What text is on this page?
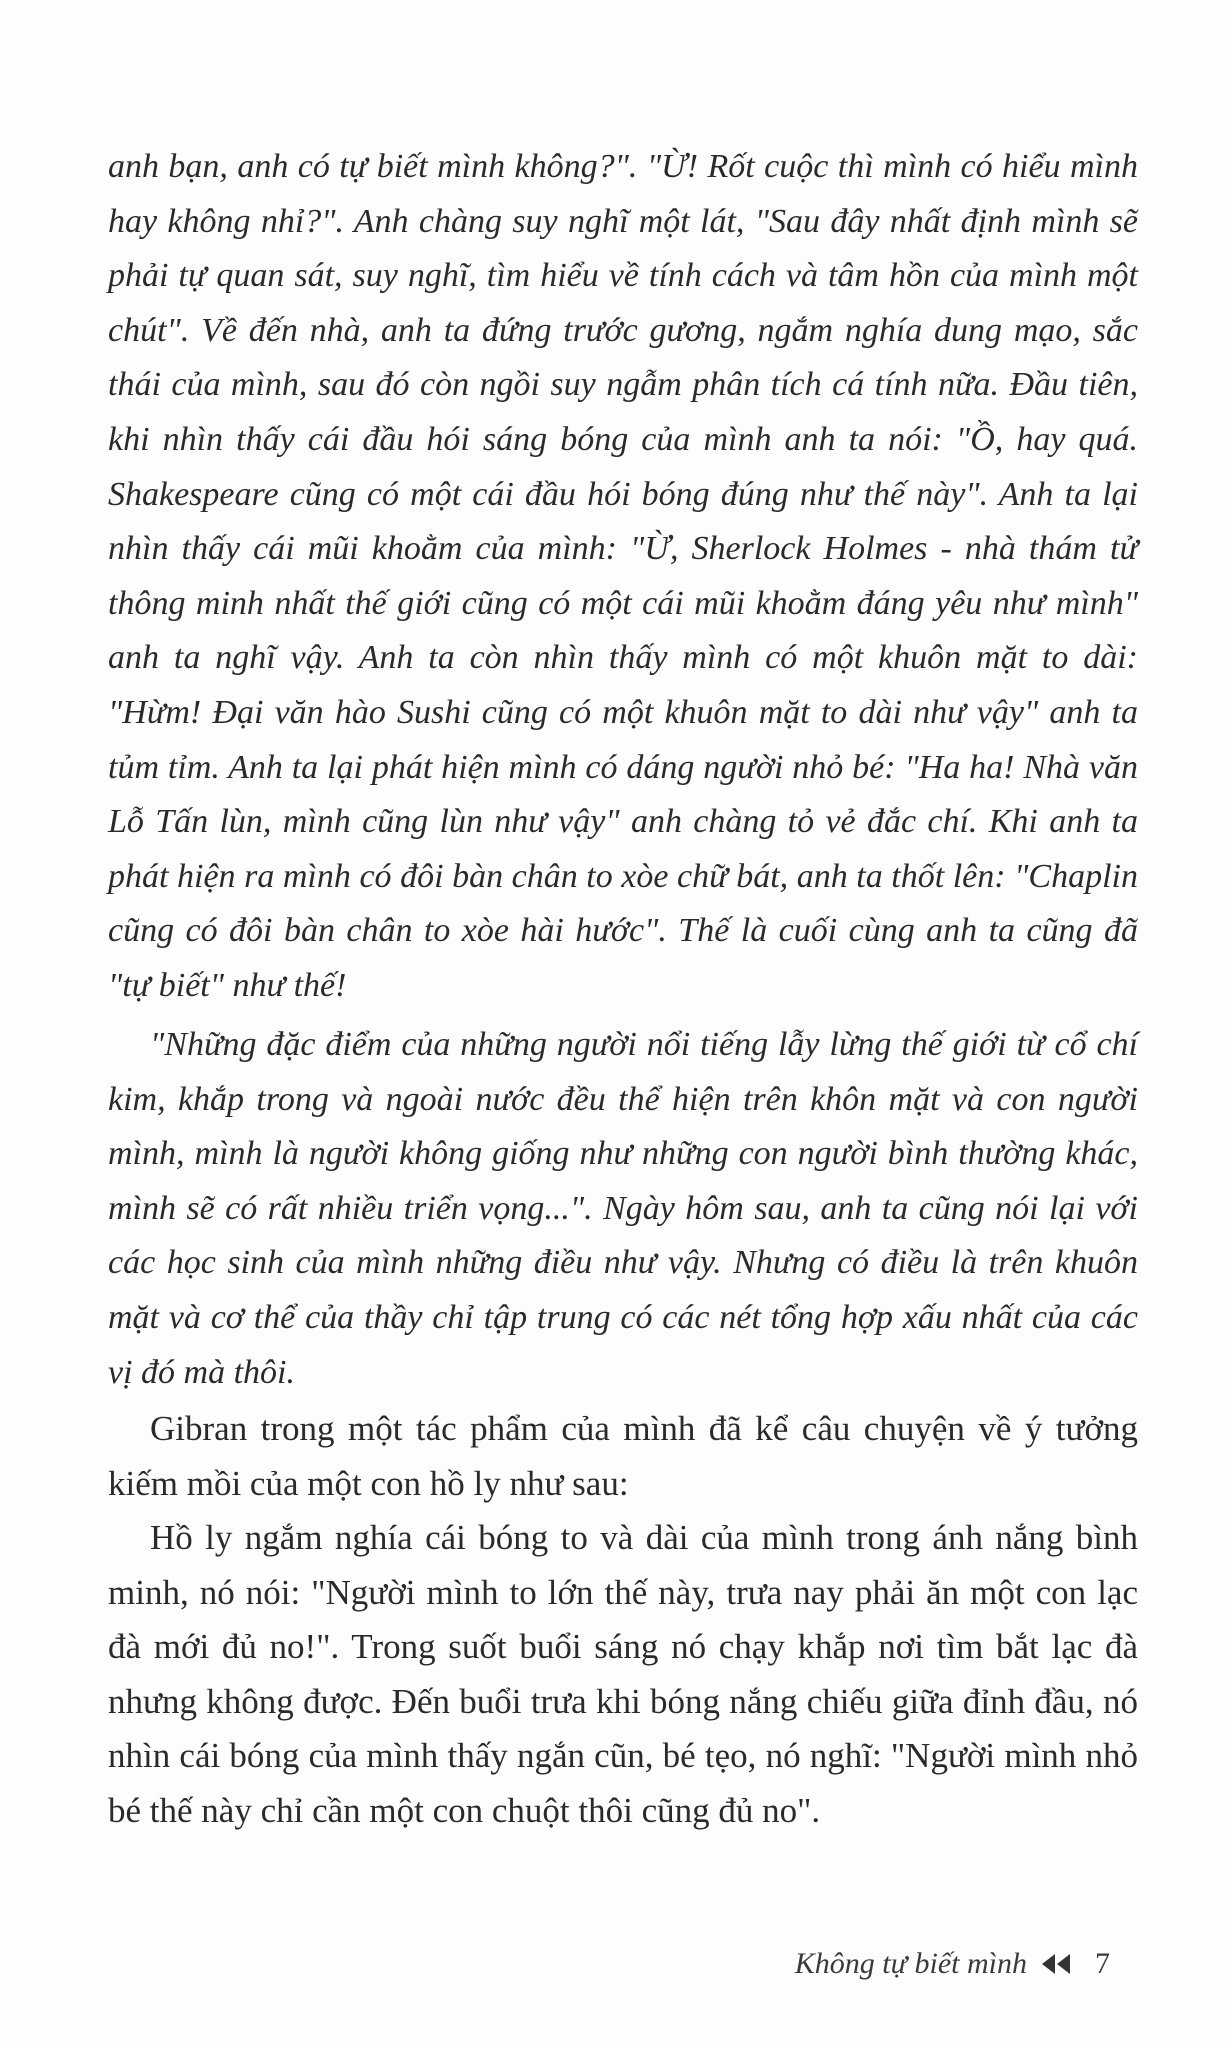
anh bạn, anh có tự biết mình không?". "Ừ! Rốt cuộc thì mình có hiểu mình hay không nhỉ?". Anh chàng suy nghĩ một lát, "Sau đây nhất định mình sẽ phải tự quan sát, suy nghĩ, tìm hiểu về tính cách và tâm hồn của mình một chút". Về đến nhà, anh ta đứng trước gương, ngắm nghía dung mạo, sắc thái của mình, sau đó còn ngồi suy ngẫm phân tích cá tính nữa. Đầu tiên, khi nhìn thấy cái đầu hói sáng bóng của mình anh ta nói: "Ồ, hay quá. Shakespeare cũng có một cái đầu hói bóng đúng như thế này". Anh ta lại nhìn thấy cái mũi khoằm của mình: "Ừ, Sherlock Holmes - nhà thám tử thông minh nhất thế giới cũng có một cái mũi khoằm đáng yêu như mình" anh ta nghĩ vậy. Anh ta còn nhìn thấy mình có một khuôn mặt to dài: "Hừm! Đại văn hào Sushi cũng có một khuôn mặt to dài như vậy" anh ta tủm tỉm. Anh ta lại phát hiện mình có dáng người nhỏ bé: "Ha ha! Nhà văn Lỗ Tấn lùn, mình cũng lùn như vậy" anh chàng tỏ vẻ đắc chí. Khi anh ta phát hiện ra mình có đôi bàn chân to xòe chữ bát, anh ta thốt lên: "Chaplin cũng có đôi bàn chân to xòe hài hước". Thế là cuối cùng anh ta cũng đã "tự biết" như thế!

"Những đặc điểm của những người nổi tiếng lẫy lừng thế giới từ cổ chí kim, khắp trong và ngoài nước đều thể hiện trên khôn mặt và con người mình, mình là người không giống như những con người bình thường khác, mình sẽ có rất nhiều triển vọng...". Ngày hôm sau, anh ta cũng nói lại với các học sinh của mình những điều như vậy. Nhưng có điều là trên khuôn mặt và cơ thể của thầy chỉ tập trung có các nét tổng hợp xấu nhất của các vị đó mà thôi.

Gibran trong một tác phẩm của mình đã kể câu chuyện về ý tưởng kiếm mồi của một con hồ ly như sau:

Hồ ly ngắm nghía cái bóng to và dài của mình trong ánh nắng bình minh, nó nói: "Người mình to lớn thế này, trưa nay phải ăn một con lạc đà mới đủ no!". Trong suốt buổi sáng nó chạy khắp nơi tìm bắt lạc đà nhưng không được. Đến buổi trưa khi bóng nắng chiếu giữa đỉnh đầu, nó nhìn cái bóng của mình thấy ngắn cũn, bé tẹo, nó nghĩ: "Người mình nhỏ bé thế này chỉ cần một con chuột thôi cũng đủ no".

Không tự biết mình 7
